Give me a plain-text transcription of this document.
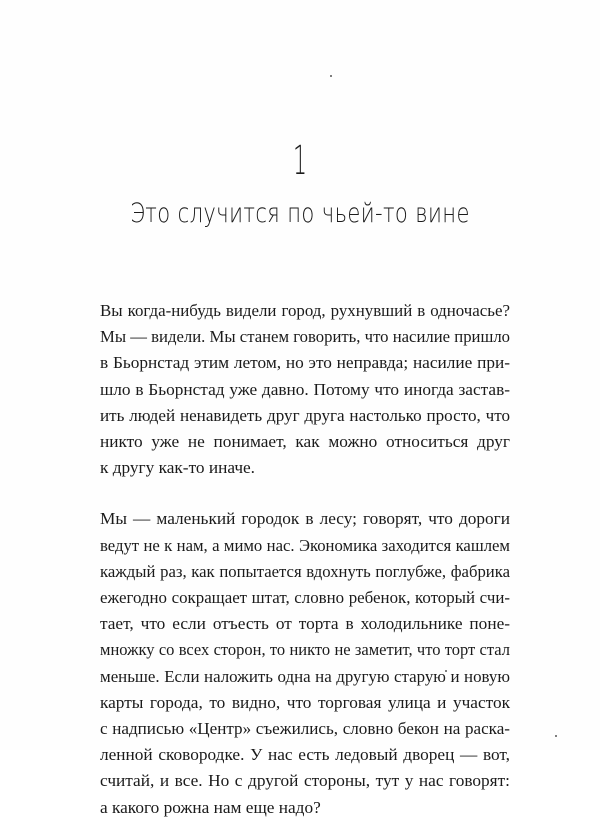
1
Это случится по чьей-то вине

Вы когда-нибудь видели город, рухнувший в одночасье?
Мы — видели. Мы станем говорить, что насилие пришло
в Бьорнстад этим летом, но это неправда; насилие при-
шло в Бьорнстад уже давно. Потому что иногда застав-
ить людей ненавидеть друг друга настолько просто, что
никто уже не понимает, как можно относиться друг
к другу как-то иначе.

Мы — маленький городок в лесу; говорят, что дороги
ведут не к нам, а мимо нас. Экономика заходится кашлем
каждый раз, как попытается вдохнуть поглубже, фабрика
ежегодно сокращает штат, словно ребенок, который счи-
тает, что если отъесть от торта в холодильнике поне-
множку со всех сторон, то никто не заметит, что торт стал
меньше. Если наложить одна на другую старую и новую
карты города, то видно, что торговая улица и участок
с надписью «Центр» съежились, словно бекон на раска-
ленной сковородке. У нас есть ледовый дворец — вот,
считай, и все. Но с другой стороны, тут у нас говорят:
а какого рожна нам еще надо?
